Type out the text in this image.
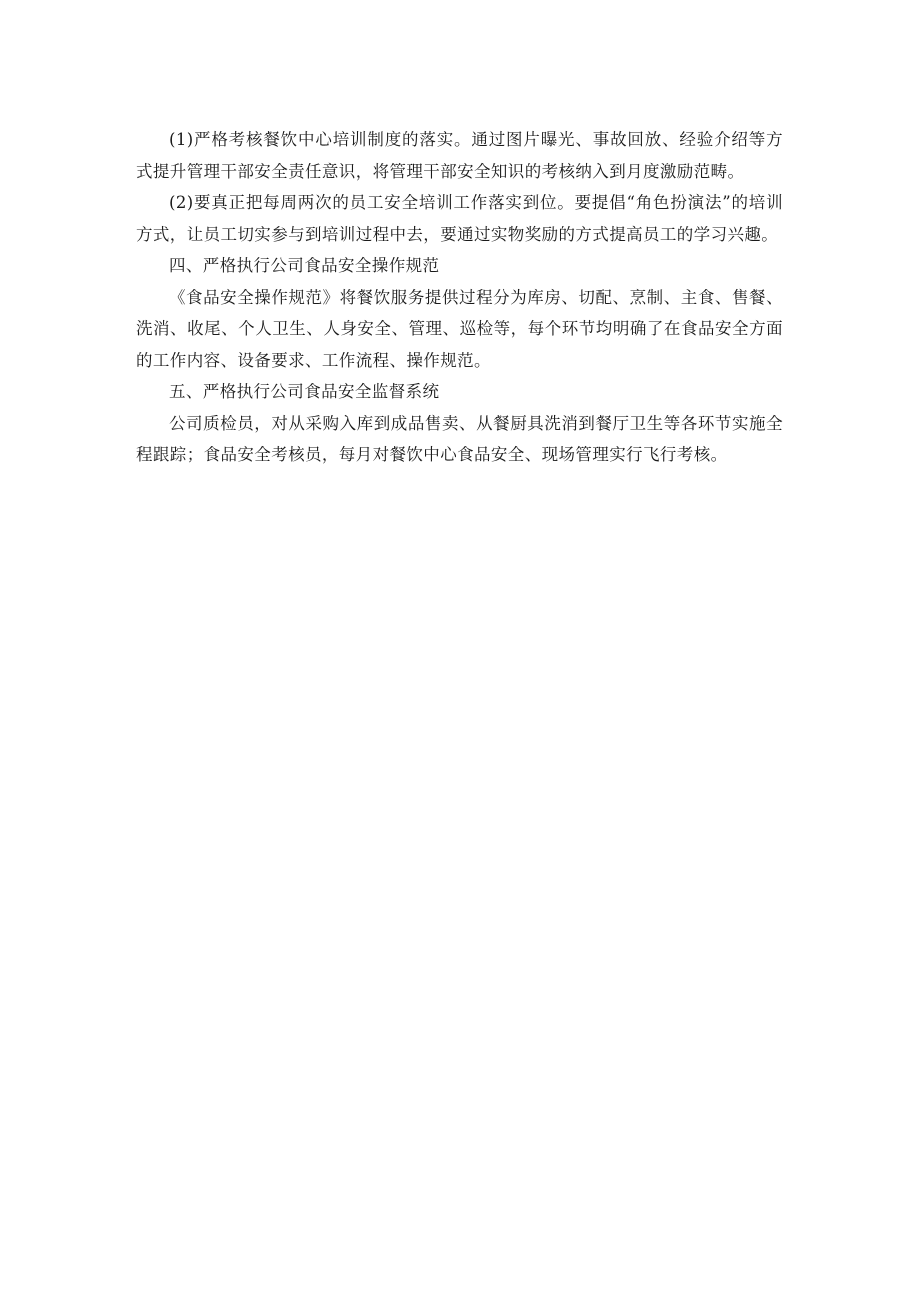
(1)严格考核餐饮中心培训制度的落实。通过图片曝光、事故回放、经验介绍等方式提升管理干部安全责任意识，将管理干部安全知识的考核纳入到月度激励范畴。

(2)要真正把每周两次的员工安全培训工作落实到位。要提倡“角色扮演法”的培训方式，让员工切实参与到培训过程中去，要通过实物奖励的方式提高员工的学习兴趣。

四、严格执行公司食品安全操作规范

《食品安全操作规范》将餐饮服务提供过程分为库房、切配、烹制、主食、售餐、洗消、收尾、个人卫生、人身安全、管理、巡检等，每个环节均明确了在食品安全方面的工作内容、设备要求、工作流程、操作规范。

五、严格执行公司食品安全监督系统

公司质检员，对从采购入库到成品售卖、从餐厨具洗消到餐厅卫生等各环节实施全程跟踪；食品安全考核员，每月对餐饮中心食品安全、现场管理实行飞行考核。
